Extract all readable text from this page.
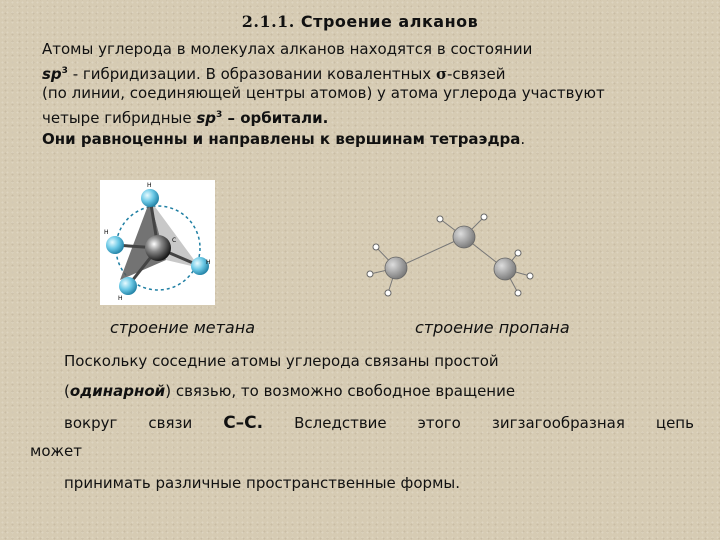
2.1.1. Строение алканов
Атомы углерода в молекулах алканов находятся в состоянии
$sp^3$ - гибридизации. В образовании ковалентных σ-связей
(по линии, соединяющей центры атомов) у атома углерода участвуют
четыре гибридные $sp^3$ – орбитали.
Они равноценны и направлены к вершинам тетраэдра.
H
H
H
H
C
строение метана	строение пропана
Поскольку соседние атомы углерода связаны простой
(одинарной) связью, то возможно свободное вращение
вокруг связи С–С. Вследствие этого зигзагообразная цепь
может
принимать различные пространственные формы.
